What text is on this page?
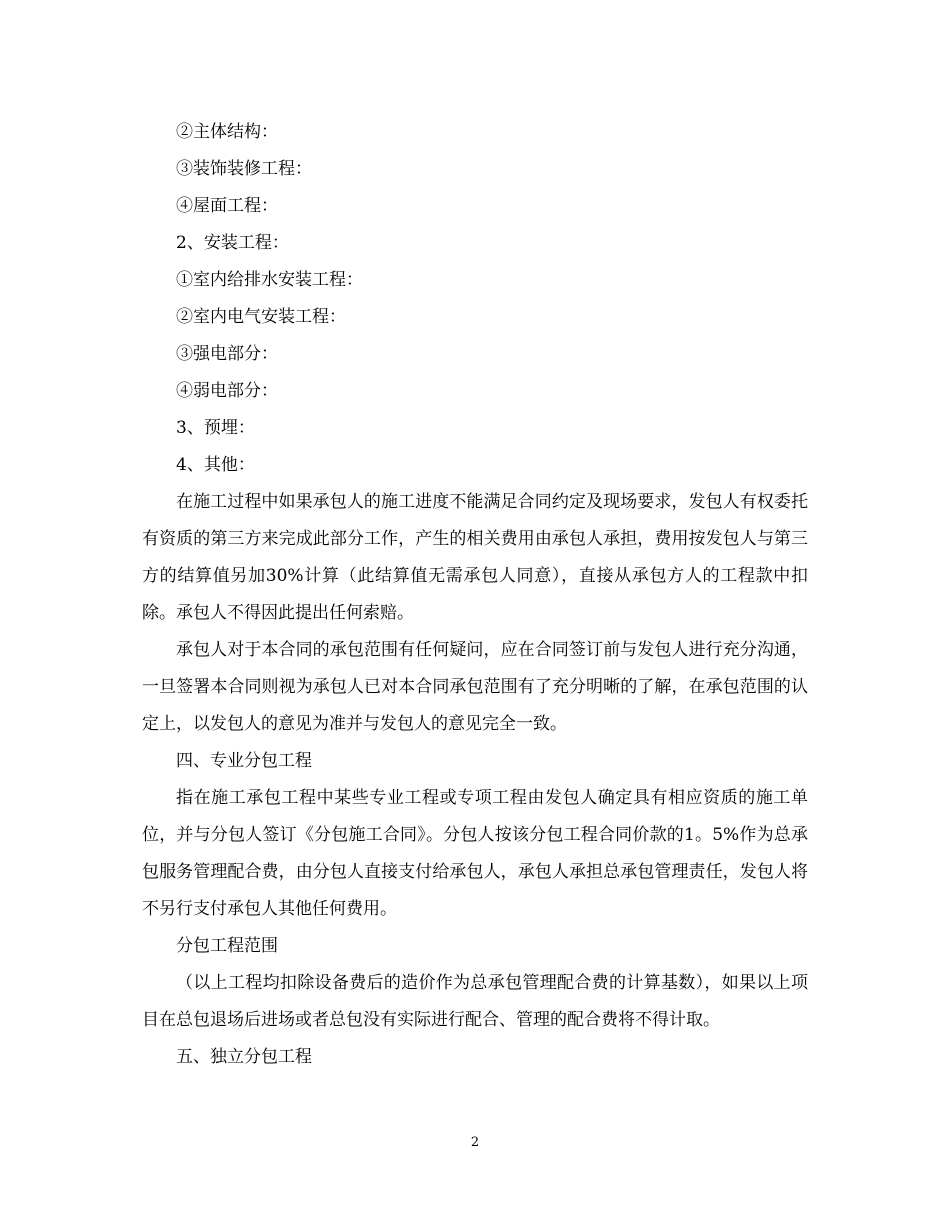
②主体结构：

③装饰装修工程：

④屋面工程：

2、安装工程：

①室内给排水安装工程：

②室内电气安装工程：

③强电部分：

④弱电部分：

3、预埋：

4、其他：

在施工过程中如果承包人的施工进度不能满足合同约定及现场要求，发包人有权委托有资质的第三方来完成此部分工作，产生的相关费用由承包人承担，费用按发包人与第三方的结算值另加30%计算（此结算值无需承包人同意），直接从承包方人的工程款中扣除。承包人不得因此提出任何索赔。

承包人对于本合同的承包范围有任何疑问，应在合同签订前与发包人进行充分沟通，一旦签署本合同则视为承包人已对本合同承包范围有了充分明晰的了解，在承包范围的认定上，以发包人的意见为准并与发包人的意见完全一致。

四、专业分包工程

指在施工承包工程中某些专业工程或专项工程由发包人确定具有相应资质的施工单位，并与分包人签订《分包施工合同》。分包人按该分包工程合同价款的1。5%作为总承包服务管理配合费，由分包人直接支付给承包人，承包人承担总承包管理责任，发包人将不另行支付承包人其他任何费用。

分包工程范围

（以上工程均扣除设备费后的造价作为总承包管理配合费的计算基数），如果以上项目在总包退场后进场或者总包没有实际进行配合、管理的配合费将不得计取。

五、独立分包工程

2
